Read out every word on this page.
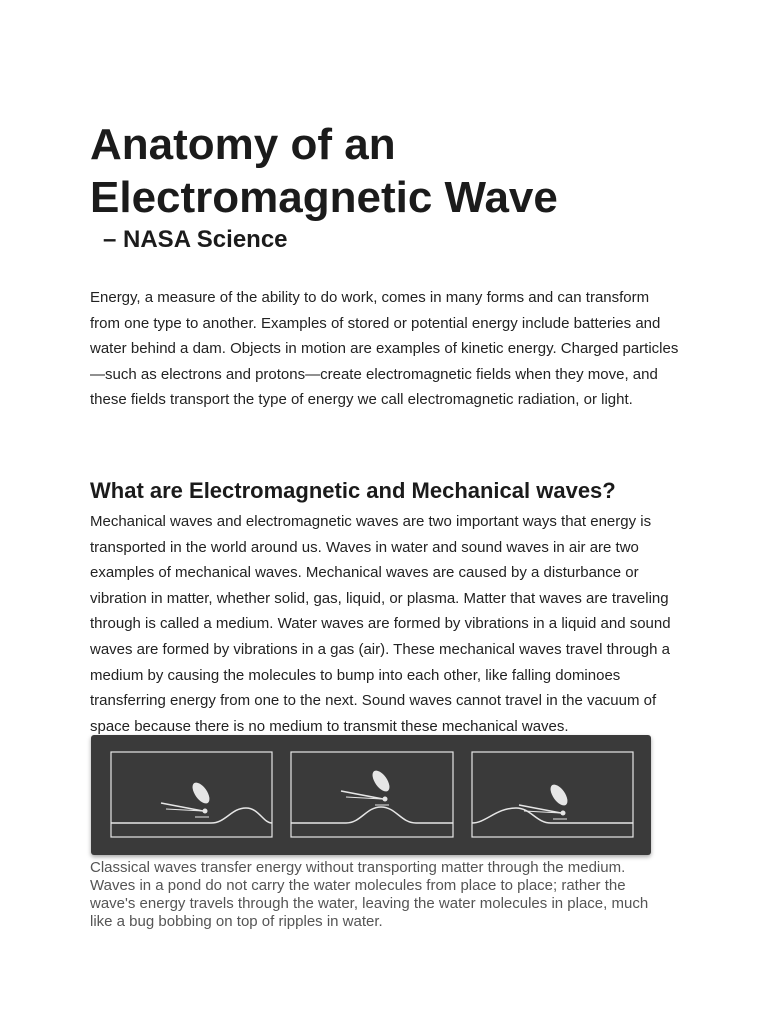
Anatomy of an
Electromagnetic Wave
– NASA Science

Energy, a measure of the ability to do work, comes in many forms and can transform from one type to another. Examples of stored or potential energy include batteries and water behind a dam. Objects in motion are examples of kinetic energy. Charged particles—such as electrons and protons—create electromagnetic fields when they move, and these fields transport the type of energy we call electromagnetic radiation, or light.

What are Electromagnetic and Mechanical waves?

Mechanical waves and electromagnetic waves are two important ways that energy is transported in the world around us. Waves in water and sound waves in air are two examples of mechanical waves. Mechanical waves are caused by a disturbance or vibration in matter, whether solid, gas, liquid, or plasma. Matter that waves are traveling through is called a medium. Water waves are formed by vibrations in a liquid and sound waves are formed by vibrations in a gas (air). These mechanical waves travel through a medium by causing the molecules to bump into each other, like falling dominoes transferring energy from one to the next. Sound waves cannot travel in the vacuum of space because there is no medium to transmit these mechanical waves.

Classical waves transfer energy without transporting matter through the medium. Waves in a pond do not carry the water molecules from place to place; rather the wave's energy travels through the water, leaving the water molecules in place, much like a bug bobbing on top of ripples in water.
